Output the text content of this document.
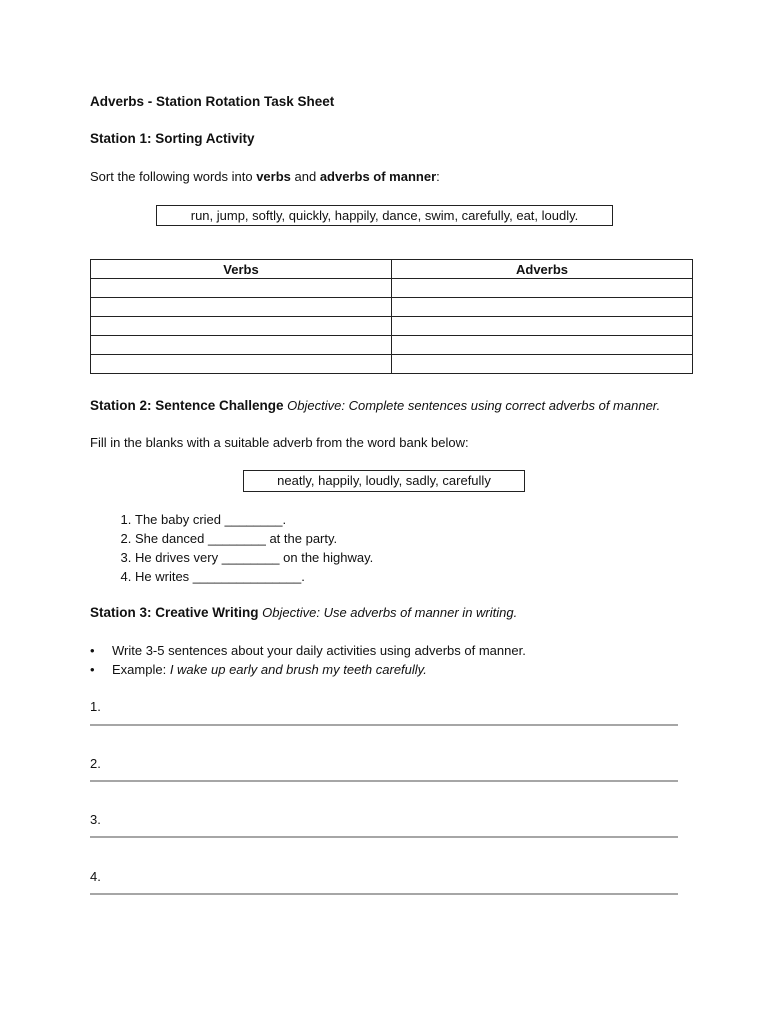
Adverbs - Station Rotation Task Sheet
Station 1: Sorting Activity
Sort the following words into verbs and adverbs of manner:
run, jump, softly, quickly, happily, dance, swim, carefully, eat, loudly.
Verbs	Adverbs

Station 2: Sentence Challenge Objective: Complete sentences using correct adverbs of manner.
Fill in the blanks with a suitable adverb from the word bank below:
neatly, happily, loudly, sadly, carefully
1. The baby cried ________.
2. She danced ________ at the party.
3. He drives very ________ on the highway.
4. He writes _______________.
Station 3: Creative Writing Objective: Use adverbs of manner in writing.
• Write 3-5 sentences about your daily activities using adverbs of manner.
• Example: I wake up early and brush my teeth carefully.
1.
2.
3.
4.
